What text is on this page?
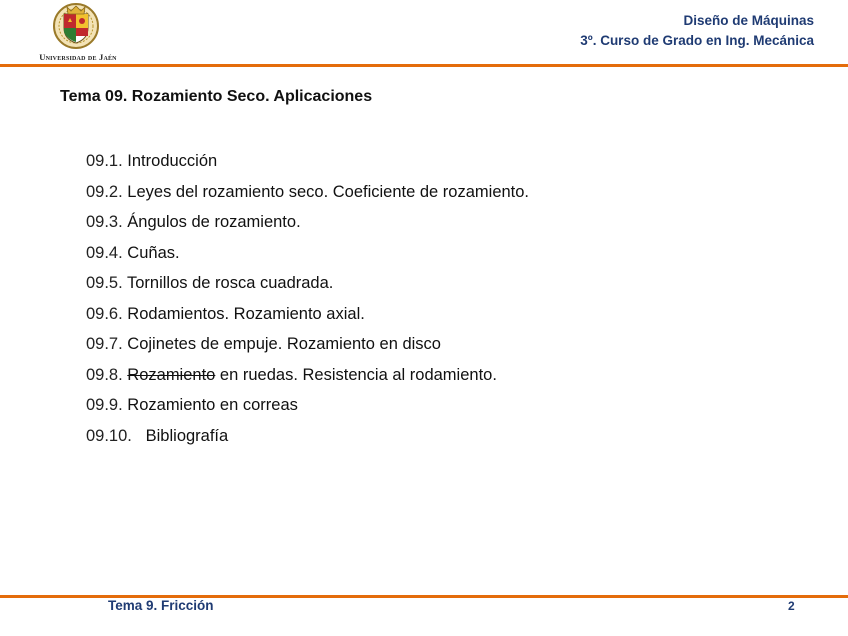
Universidad de Jaén
Diseño de Máquinas
3º. Curso de Grado en Ing. Mecánica
Tema 09. Rozamiento Seco. Aplicaciones
09.1. Introducción
09.2. Leyes del rozamiento seco. Coeficiente de rozamiento.
09.3. Ángulos de rozamiento.
09.4. Cuñas.
09.5. Tornillos de rosca cuadrada.
09.6. Rodamientos. Rozamiento axial.
09.7. Cojinetes de empuje. Rozamiento en disco
09.8. Rozamiento en ruedas. Resistencia al rodamiento.
09.9. Rozamiento en correas
09.10. Bibliografía
Tema 9. Fricción	2
